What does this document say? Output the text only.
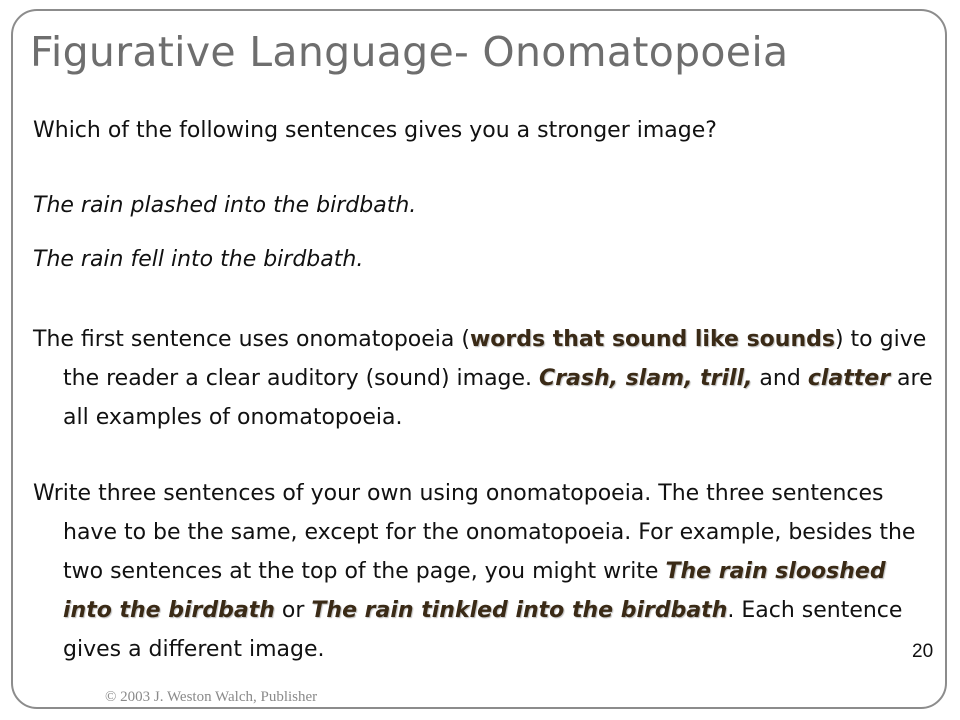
Figurative Language- Onomatopoeia
Which of the following sentences gives you a stronger image?
The rain plashed into the birdbath.
The rain fell into the birdbath.
The first sentence uses onomatopoeia (words that sound like sounds) to give the reader a clear auditory (sound) image. Crash, slam, trill, and clatter are all examples of onomatopoeia.
Write three sentences of your own using onomatopoeia. The three sentences have to be the same, except for the onomatopoeia. For example, besides the two sentences at the top of the page, you might write The rain slooshed into the birdbath or The rain tinkled into the birdbath. Each sentence gives a different image.	20
© 2003 J. Weston Walch, Publisher
